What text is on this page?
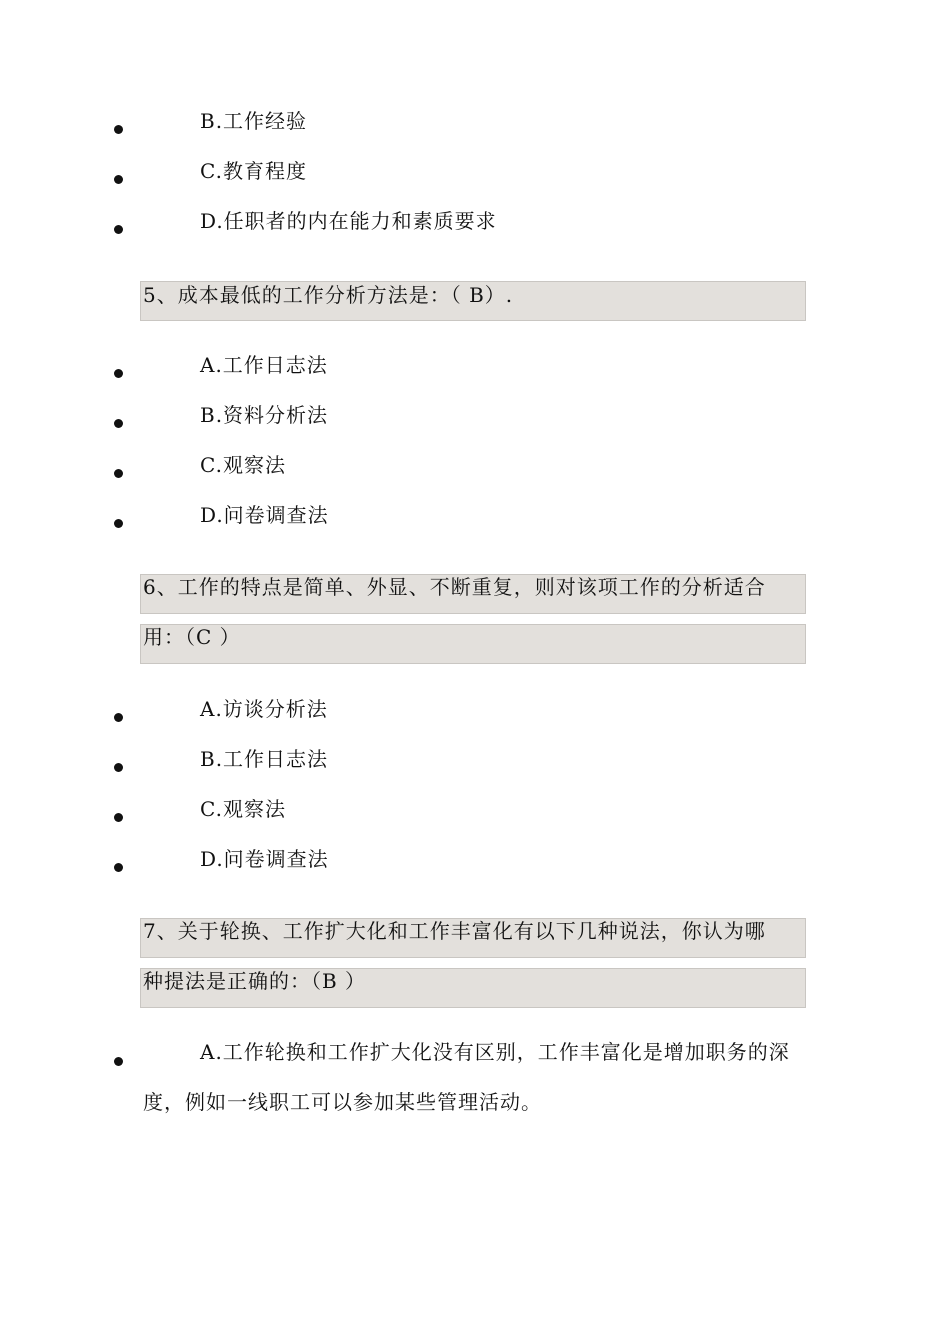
B.工作经验
C.教育程度
D.任职者的内在能力和素质要求
5、成本最低的工作分析方法是：（ B）.
A.工作日志法
B.资料分析法
C.观察法
D.问卷调查法
6、工作的特点是简单、外显、不断重复，则对该项工作的分析适合
用：（C ）
A.访谈分析法
B.工作日志法
C.观察法
D.问卷调查法
7、关于轮换、工作扩大化和工作丰富化有以下几种说法，你认为哪
种提法是正确的：（B ）
A.工作轮换和工作扩大化没有区别，工作丰富化是增加职务的深度，例如一线职工可以参加某些管理活动。
